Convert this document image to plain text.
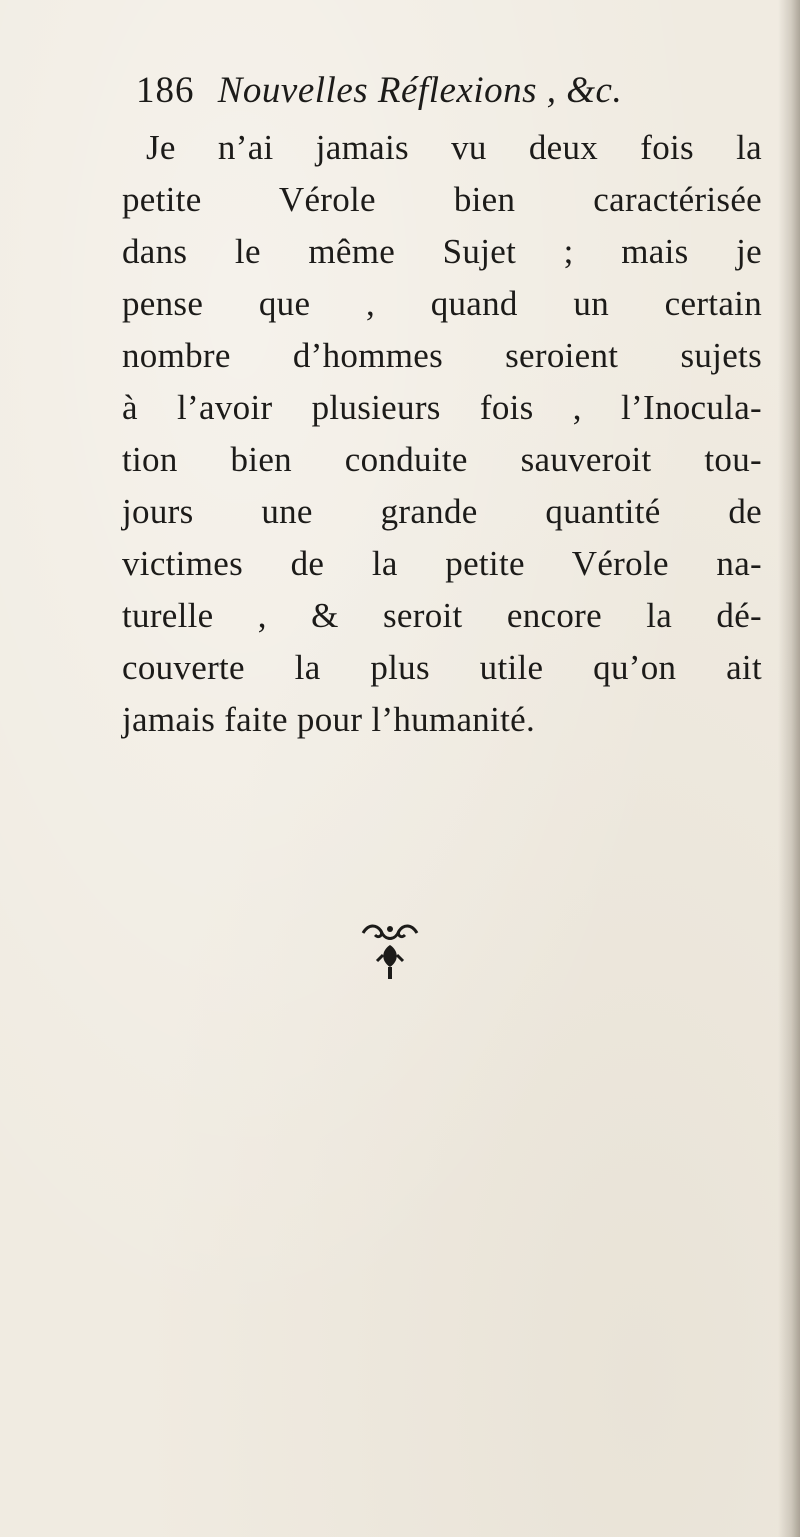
186 Nouvelles Réflexions , &c.
Je n’ai jamais vu deux fois la
petite Vérole bien caractérisée
dans le même Sujet ; mais je
pense que , quand un certain
nombre d’hommes seroient sujets
à l’avoir plusieurs fois , l’Inocula-
tion bien conduite sauveroit tou-
jours une grande quantité de
victimes de la petite Vérole na-
turelle , & seroit encore la dé-
couverte la plus utile qu’on ait
jamais faite pour l’humanité.
